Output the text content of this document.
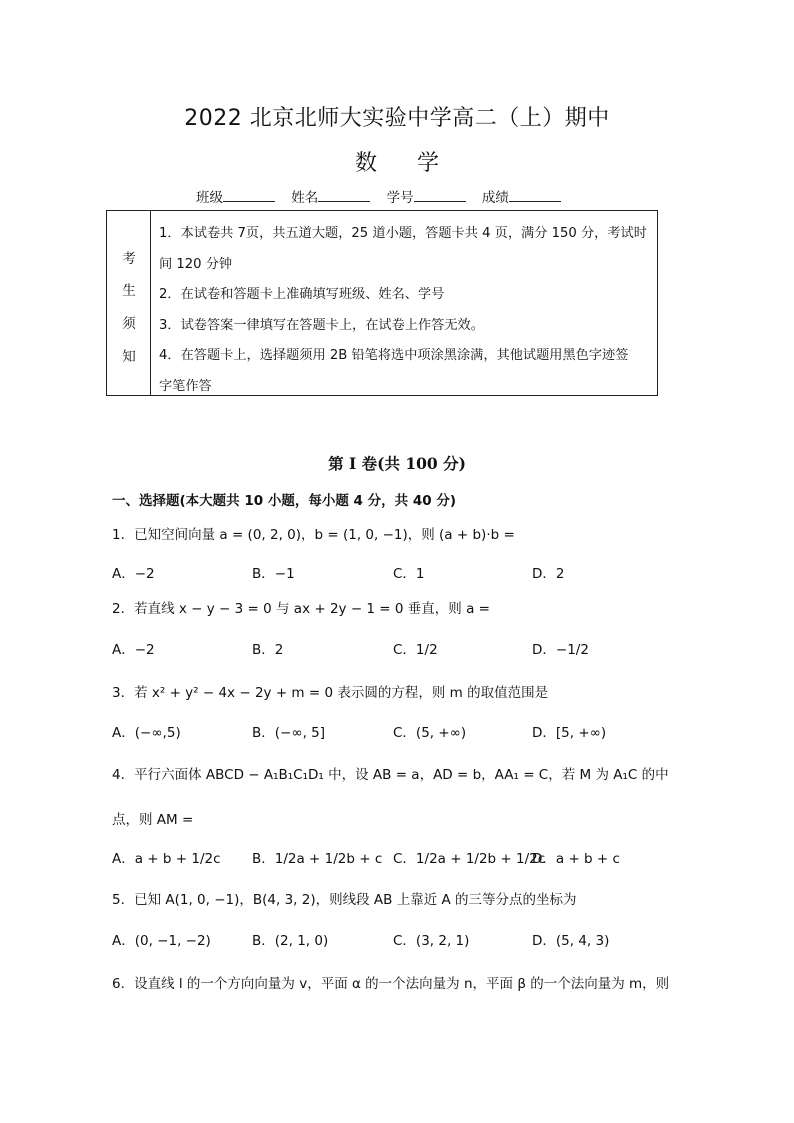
2022 北京北师大实验中学高二（上）期中
数学
班级	姓名	学号	成绩
考
生
须
知
1．本试卷共 7页，共五道大题，25 道小题，答题卡共 4 页，满分 150 分，考试时
间 120 分钟
2．在试卷和答题卡上准确填写班级、姓名、学号
3．试卷答案一律填写在答题卡上，在试卷上作答无效。
4．在答题卡上，选择题须用 2B 铅笔将选中项涂黑涂满，其他试题用黑色字迹签
字笔作答
第 I 卷(共 100 分)
一、选择题(本大题共 10 小题，每小题 4 分，共 40 分)
1．已知空间向量 a = (0, 2, 0)，b = (1, 0, −1)，则 (a + b)·b =
A．−2	B．−1	C．1	D．2
2．若直线 x − y − 3 = 0 与 ax + 2y − 1 = 0 垂直，则 a =
A．−2	B．2	C．1/2	D．−1/2
3．若 x² + y² − 4x − 2y + m = 0 表示圆的方程，则 m 的取值范围是
A．(−∞,5)	B．(−∞, 5]	C．(5, +∞)	D．[5, +∞)
4．平行六面体 ABCD − A₁B₁C₁D₁ 中，设 AB = a，AD = b，AA₁ = C，若 M 为 A₁C 的中
点，则 AM =
A．a + b + 1/2c B．1/2a + 1/2b + c C．1/2a + 1/2b + 1/2c
D．a + b + c
5．已知 A(1, 0, −1)，B(4, 3, 2)，则线段 AB 上靠近 A 的三等分点的坐标为
A．(0, −1, −2)	B．(2, 1, 0)	C．(3, 2, 1)	D．(5, 4, 3)
6．设直线 l 的一个方向向量为 v，平面 α 的一个法向量为 n，平面 β 的一个法向量为 m，则
